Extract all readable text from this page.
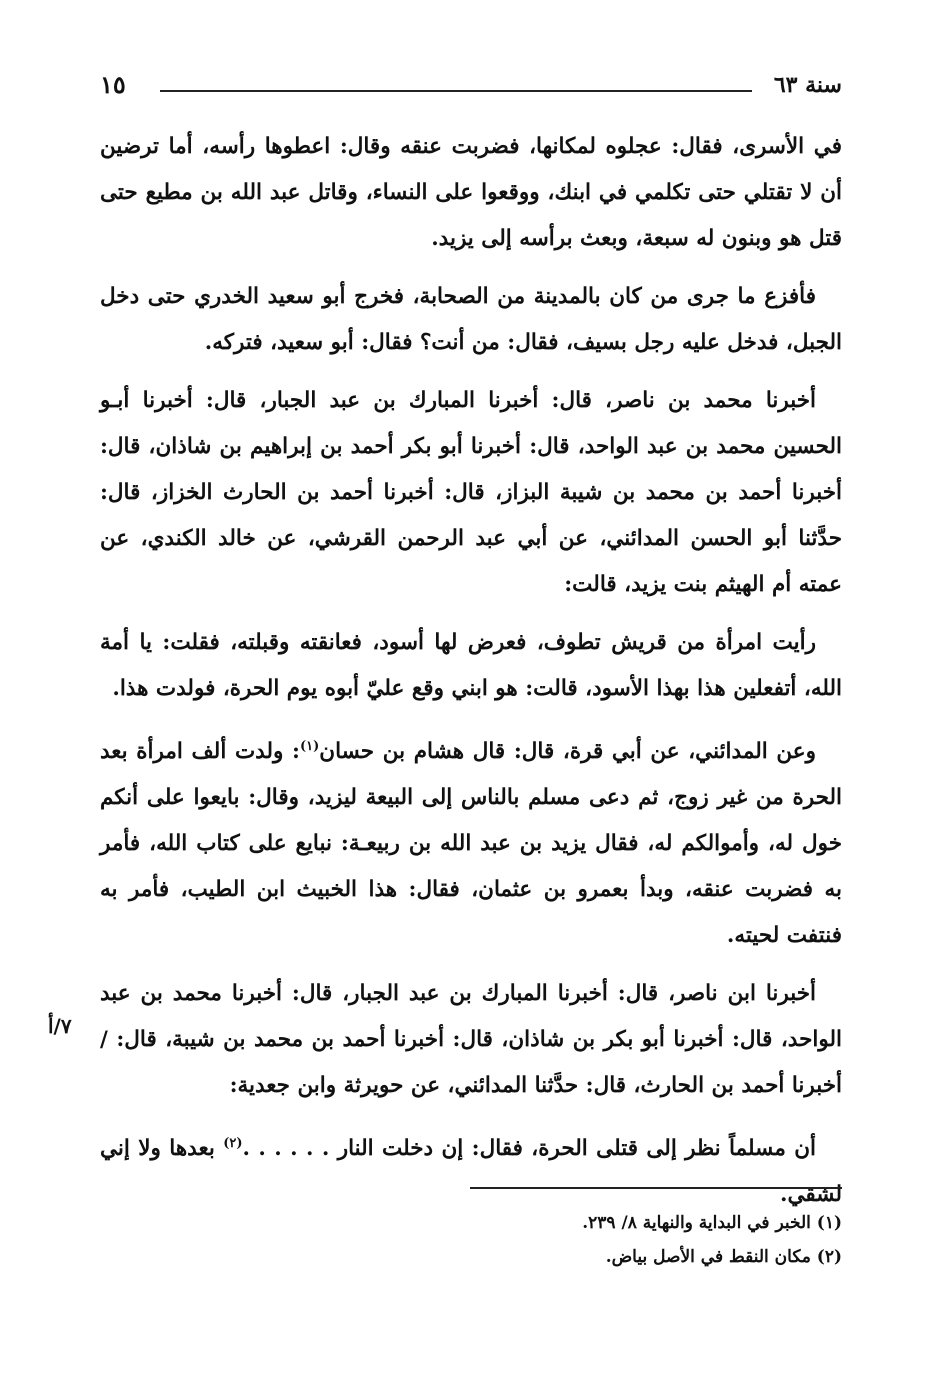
سنة ٦٣
١٥

في الأسرى، فقال: عجلوه لمكانها، فضربت عنقه وقال: اعطوها رأسه، أما ترضين أن لا تقتلي حتى تكلمي في ابنك، ووقعوا على النساء، وقاتل عبد الله بن مطيع حتى قتل هو وبنون له سبعة، وبعث برأسه إلى يزيد.

فأفزع ما جرى من كان بالمدينة من الصحابة، فخرج أبو سعيد الخدري حتى دخل الجبل، فدخل عليه رجل بسيف، فقال: من أنت؟ فقال: أبو سعيد، فتركه.

أخبرنا محمد بن ناصر، قال: أخبرنا المبارك بن عبد الجبار، قال: أخبرنا أبـو الحسين محمد بن عبد الواحد، قال: أخبرنا أبو بكر أحمد بن إبراهيم بن شاذان، قال: أخبرنا أحمد بن محمد بن شيبة البزاز، قال: أخبرنا أحمد بن الحارث الخزاز، قال: حدَّثنا أبو الحسن المدائني، عن أبي عبد الرحمن القرشي، عن خالد الكندي، عن عمته أم الهيثم بنت يزيد، قالت:

رأيت امرأة من قريش تطوف، فعرض لها أسود، فعانقته وقبلته، فقلت: يا أمة الله، أتفعلين هذا بهذا الأسود، قالت: هو ابني وقع عليّ أبوه يوم الحرة، فولدت هذا.

وعن المدائني، عن أبي قرة، قال: قال هشام بن حسان$^{(١)}$: ولدت ألف امرأة بعد الحرة من غير زوج، ثم دعى مسلم بالناس إلى البيعة ليزيد، وقال: بايعوا على أنكم خول له، وأموالكم له، فقال يزيد بن عبد الله بن ربيعـة: نبايع على كتاب الله، فأمر به فضربت عنقه، وبدأ بعمرو بن عثمان، فقال: هذا الخبيث ابن الطيب، فأمر به فنتفت لحيته.

أخبرنا ابن ناصر، قال: أخبرنا المبارك بن عبد الجبار، قال: أخبرنا محمد بن عبد الواحد، قال: أخبرنا أبو بكر بن شاذان، قال: أخبرنا أحمد بن محمد بن شيبة، قال: / أخبرنا أحمد بن الحارث، قال: حدَّثنا المدائني، عن حويرثة وابن جعدية:

أن مسلماً نظر إلى قتلى الحرة، فقال: إن دخلت النار . . . . . .$^{(٢)}$ بعدها ولا إني لشقي.

٧/أ
(١) الخبر في البداية والنهاية ٨/ ٢٣٩.
(٢) مكان النقط في الأصل بياض.
